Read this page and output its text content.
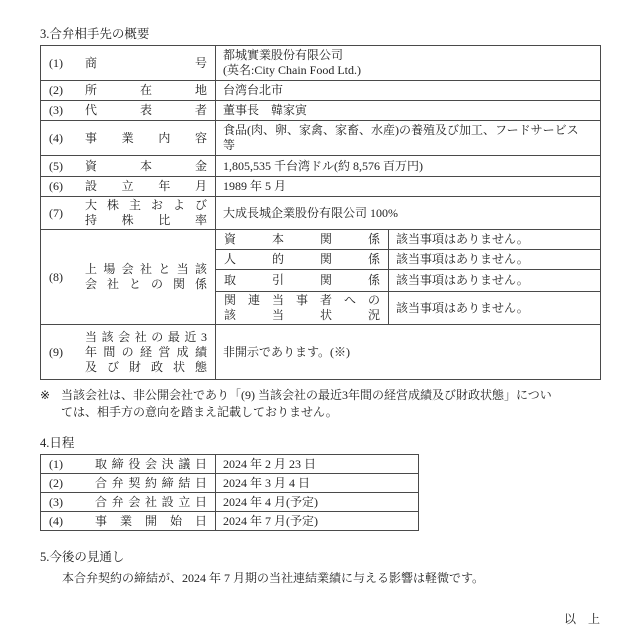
3.合弁相手先の概要
(1) 商 号	都城實業股份有限公司
(英名:City Chain Food Ltd.)	

(2) 所 在 地	台湾台北市	

(3) 代 表 者	董事長　韓家寅	

(4) 事 業 内 容	食品(肉、卵、家禽、家畜、水産)の養殖及び加工、フードサービス
等	

(5) 資 本 金	1,805,535 千台湾ドル(約 8,576 百万円)	

(6) 設 立 年 月	1989 年 5 月	

(7)
大 株 主 お よ び
持 株 比 率	大成長城企業股份有限公司 100%	

(8)
上 場 会 社 と 当 該
会 社 と の 関 係	資 本 関 係	該当事項はありません。

	人 的 関 係	該当事項はありません。

	取 引 関 係	該当事項はありません。

	関 連 当 事 者 へ の
該 当 状 況	該当事項はありません。

(9)
当 該 会 社 の 最 近 3
年 間 の 経 営 成 績
及 び 財 政 状 態	非開示であります。(※)	
※ 当該会社は、非公開会社であり「(9) 当該会社の最近3年間の経営成績及び財政状態」につい
ては、相手方の意向を踏まえ記載しておりません。
4.日程
(1) 取 締 役 会 決 議 日	2024 年 2 月 23 日

(2) 合 弁 契 約 締 結 日	2024 年 3 月 4 日

(3) 合 弁 会 社 設 立 日	2024 年 4 月(予定)

(4) 事 業 開 始 日	2024 年 7 月(予定)
5.今後の見通し
本合弁契約の締結が、2024 年 7 月期の当社連結業績に与える影響は軽微です。
以　上
